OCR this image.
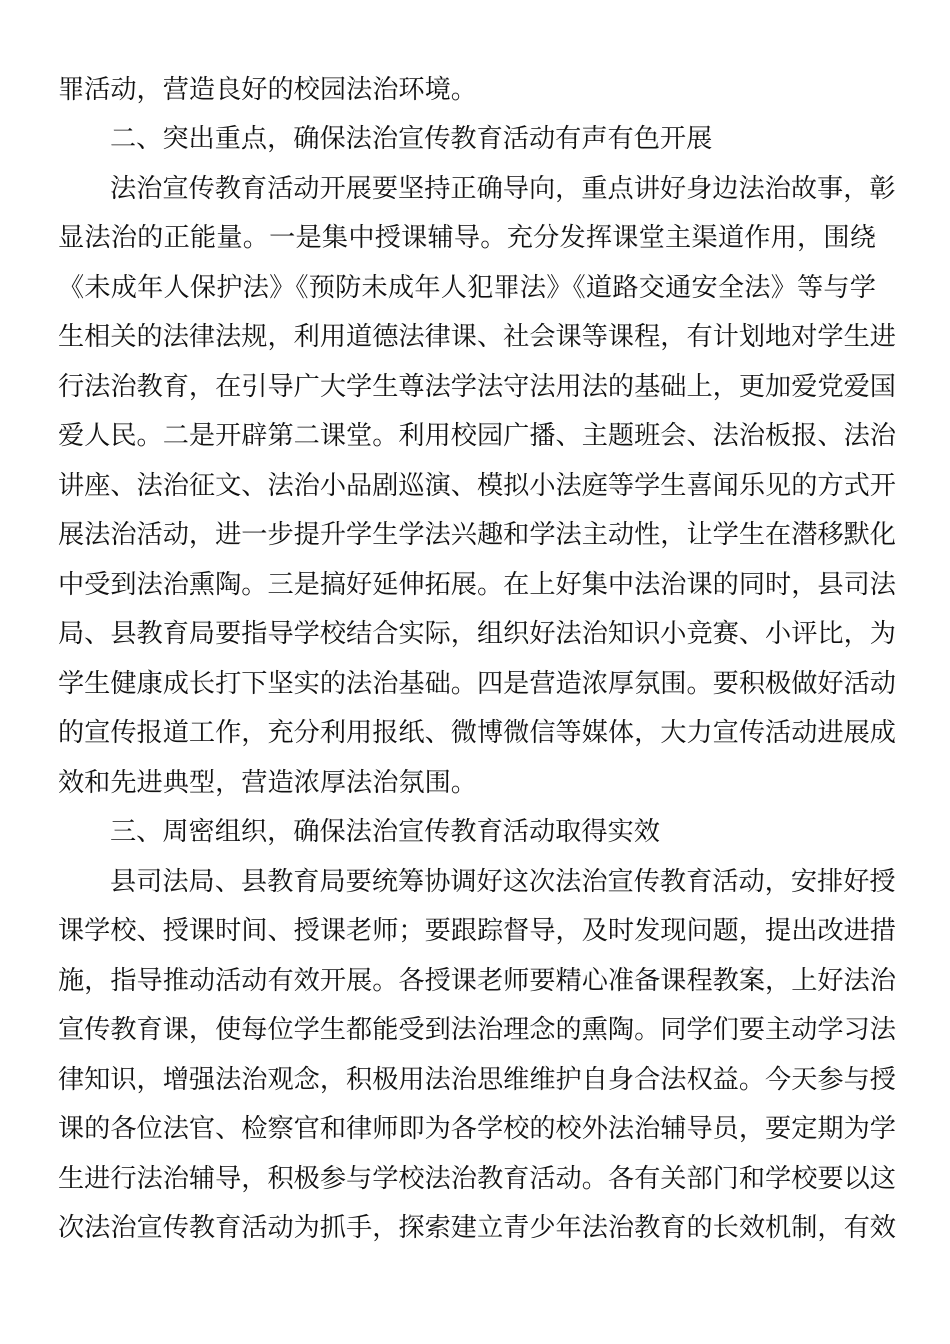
罪活动，营造良好的校园法治环境。
二、突出重点，确保法治宣传教育活动有声有色开展
法治宣传教育活动开展要坚持正确导向，重点讲好身边法治故事，彰
显法治的正能量。一是集中授课辅导。充分发挥课堂主渠道作用，围绕
《未成年人保护法》《预防未成年人犯罪法》《道路交通安全法》等与学
生相关的法律法规，利用道德法律课、社会课等课程，有计划地对学生进
行法治教育，在引导广大学生尊法学法守法用法的基础上，更加爱党爱国
爱人民。二是开辟第二课堂。利用校园广播、主题班会、法治板报、法治
讲座、法治征文、法治小品剧巡演、模拟小法庭等学生喜闻乐见的方式开
展法治活动，进一步提升学生学法兴趣和学法主动性，让学生在潜移默化
中受到法治熏陶。三是搞好延伸拓展。在上好集中法治课的同时，县司法
局、县教育局要指导学校结合实际，组织好法治知识小竞赛、小评比，为
学生健康成长打下坚实的法治基础。四是营造浓厚氛围。要积极做好活动
的宣传报道工作，充分利用报纸、微博微信等媒体，大力宣传活动进展成
效和先进典型，营造浓厚法治氛围。
三、周密组织，确保法治宣传教育活动取得实效
县司法局、县教育局要统筹协调好这次法治宣传教育活动，安排好授
课学校、授课时间、授课老师；要跟踪督导，及时发现问题，提出改进措
施，指导推动活动有效开展。各授课老师要精心准备课程教案，上好法治
宣传教育课，使每位学生都能受到法治理念的熏陶。同学们要主动学习法
律知识，增强法治观念，积极用法治思维维护自身合法权益。今天参与授
课的各位法官、检察官和律师即为各学校的校外法治辅导员，要定期为学
生进行法治辅导，积极参与学校法治教育活动。各有关部门和学校要以这
次法治宣传教育活动为抓手，探索建立青少年法治教育的长效机制，有效
